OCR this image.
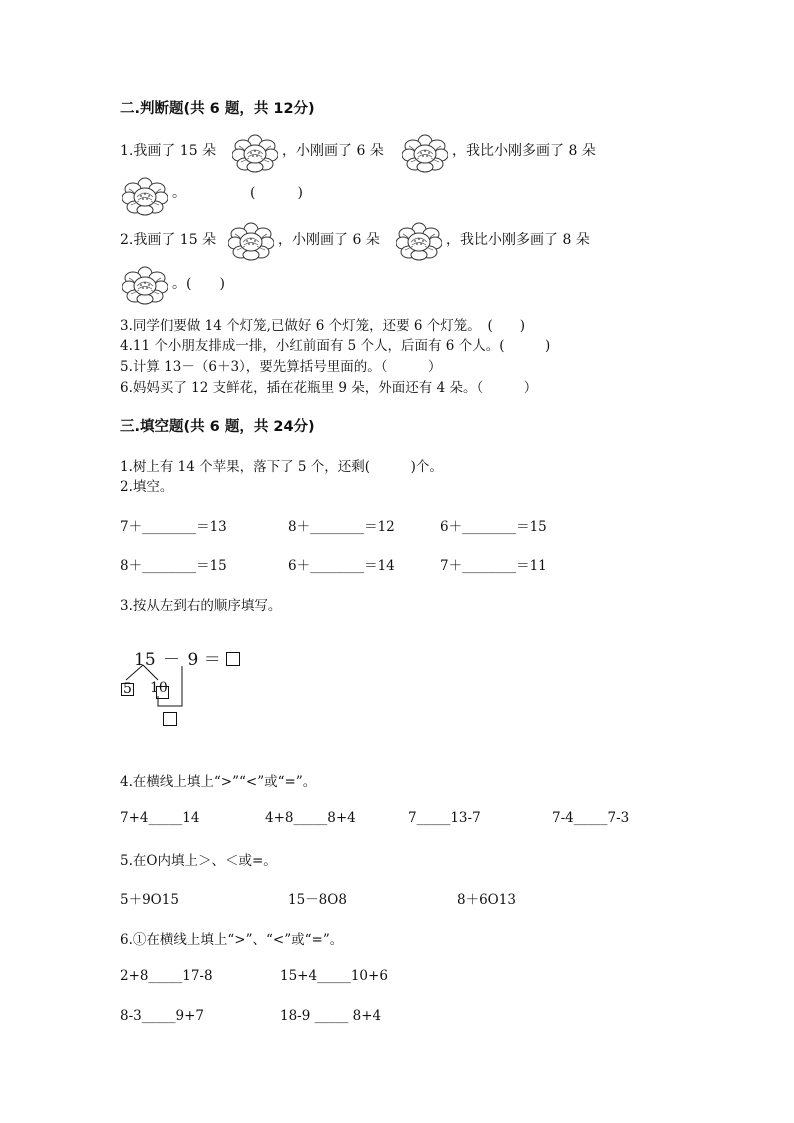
二.判断题(共 6 题，共 12分)
1.我画了 15 朵	，小刚画了 6 朵	，我比小刚多画了 8 朵
。	(　　　)
2.我画了 15 朵	，小刚画了 6 朵	，我比小刚多画了 8 朵
。(　　)
3.同学们要做 14 个灯笼,已做好 6 个灯笼，还要 6 个灯笼。　(　　)
4.11 个小朋友排成一排，小红前面有 5 个人，后面有 6 个人。(　　　)
5.计算 13－（6＋3），要先算括号里面的。（　　　）
6.妈妈买了 12 支鲜花，插在花瓶里 9 朵，外面还有 4 朵。（　　　）
三.填空题(共 6 题，共 24分)
1.树上有 14 个苹果，落下了 5 个，还剩(　　　)个。
2.填空。
7＋________＝13	8＋________＝12	6＋________＝15
8＋________＝15	6＋________＝14	7＋________＝11
3.按从左到右的顺序填写。
15 － 9 ＝
5 10
4.在横线上填上“>”“<”或“=”。
7+4_____14	4+8_____8+4	7_____13-7	7-4_____7-3
5.在O内填上＞、＜或=。
5＋9O15	15－8O8	8＋6O13
6.①在横线上填上“>”、“<”或“=”。
2+8_____17-8	15+4_____10+6
8-3_____9+7	18-9 _____ 8+4
